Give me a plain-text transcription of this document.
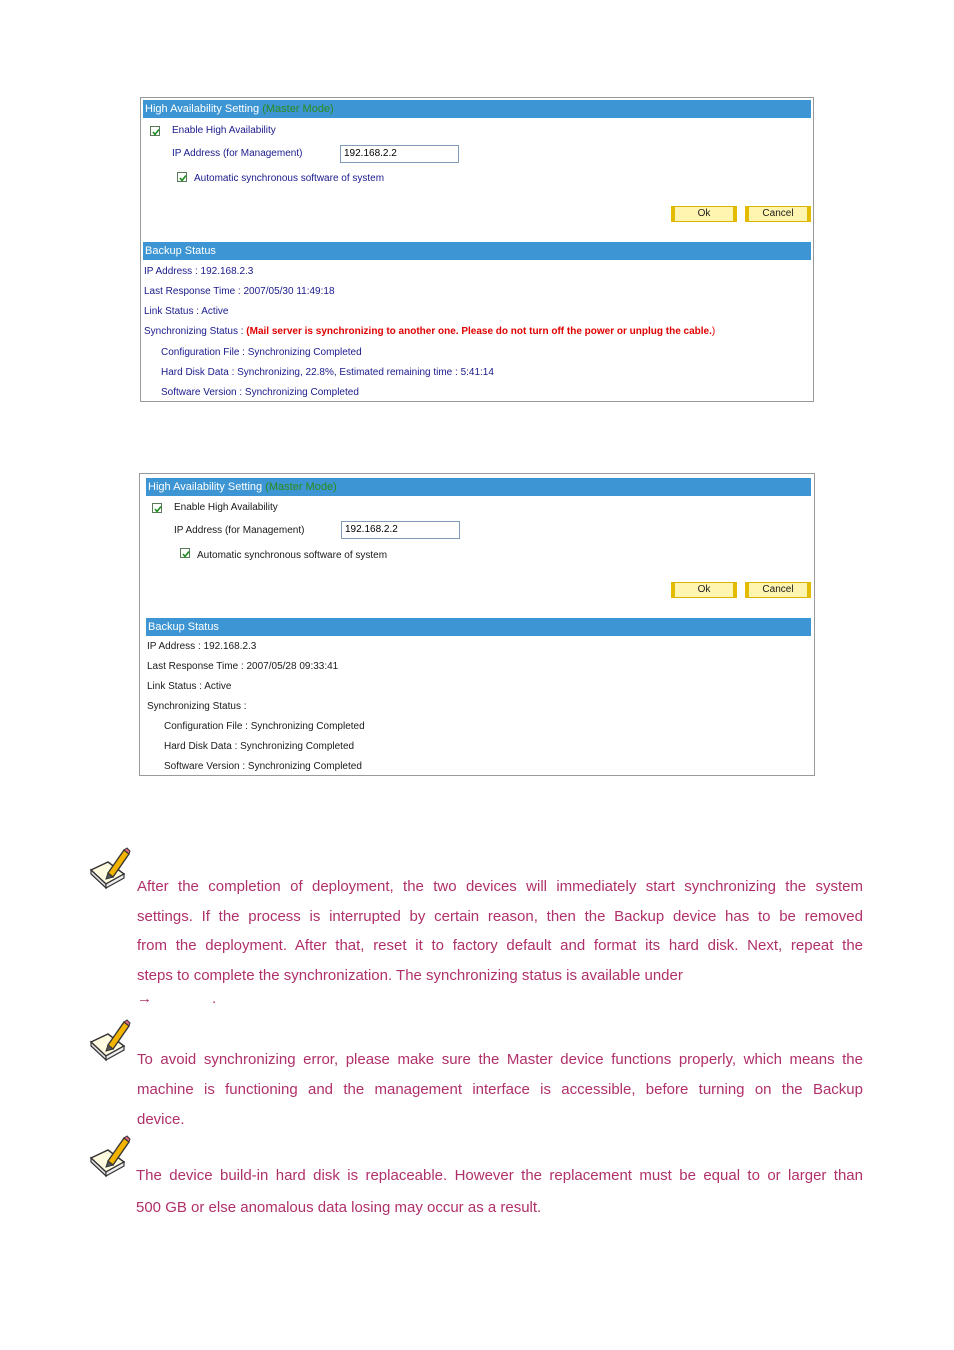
High Availability Setting (Master Mode)
Enable High Availability
IP Address (for Management)	192.168.2.2
Automatic synchronous software of system
Ok	Cancel
Backup Status
IP Address : 192.168.2.3
Last Response Time : 2007/05/30 11:49:18
Link Status : Active
Synchronizing Status : (Mail server is synchronizing to another one. Please do not turn off the power or unplug the cable.)
Configuration File : Synchronizing Completed
Hard Disk Data : Synchronizing, 22.8%, Estimated remaining time : 5:41:14
Software Version : Synchronizing Completed
High Availability Setting (Master Mode)
Enable High Availability
IP Address (for Management)	192.168.2.2
Automatic synchronous software of system
Ok	Cancel
Backup Status
IP Address : 192.168.2.3
Last Response Time : 2007/05/28 09:33:41
Link Status : Active
Synchronizing Status :
Configuration File : Synchronizing Completed
Hard Disk Data : Synchronizing Completed
Software Version : Synchronizing Completed

After the completion of deployment, the two devices will immediately start synchronizing the system
settings. If the process is interrupted by certain reason, then the Backup device has to be removed
from the deployment. After that, reset it to factory default and format its hard disk. Next, repeat the
steps to complete the synchronization. The synchronizing status is available under

→	.

To avoid synchronizing error, please make sure the Master device functions properly, which means the
machine is functioning and the management interface is accessible, before turning on the Backup
device.

The device build-in hard disk is replaceable. However the replacement must be equal to or larger than
500 GB or else anomalous data losing may occur as a result.
